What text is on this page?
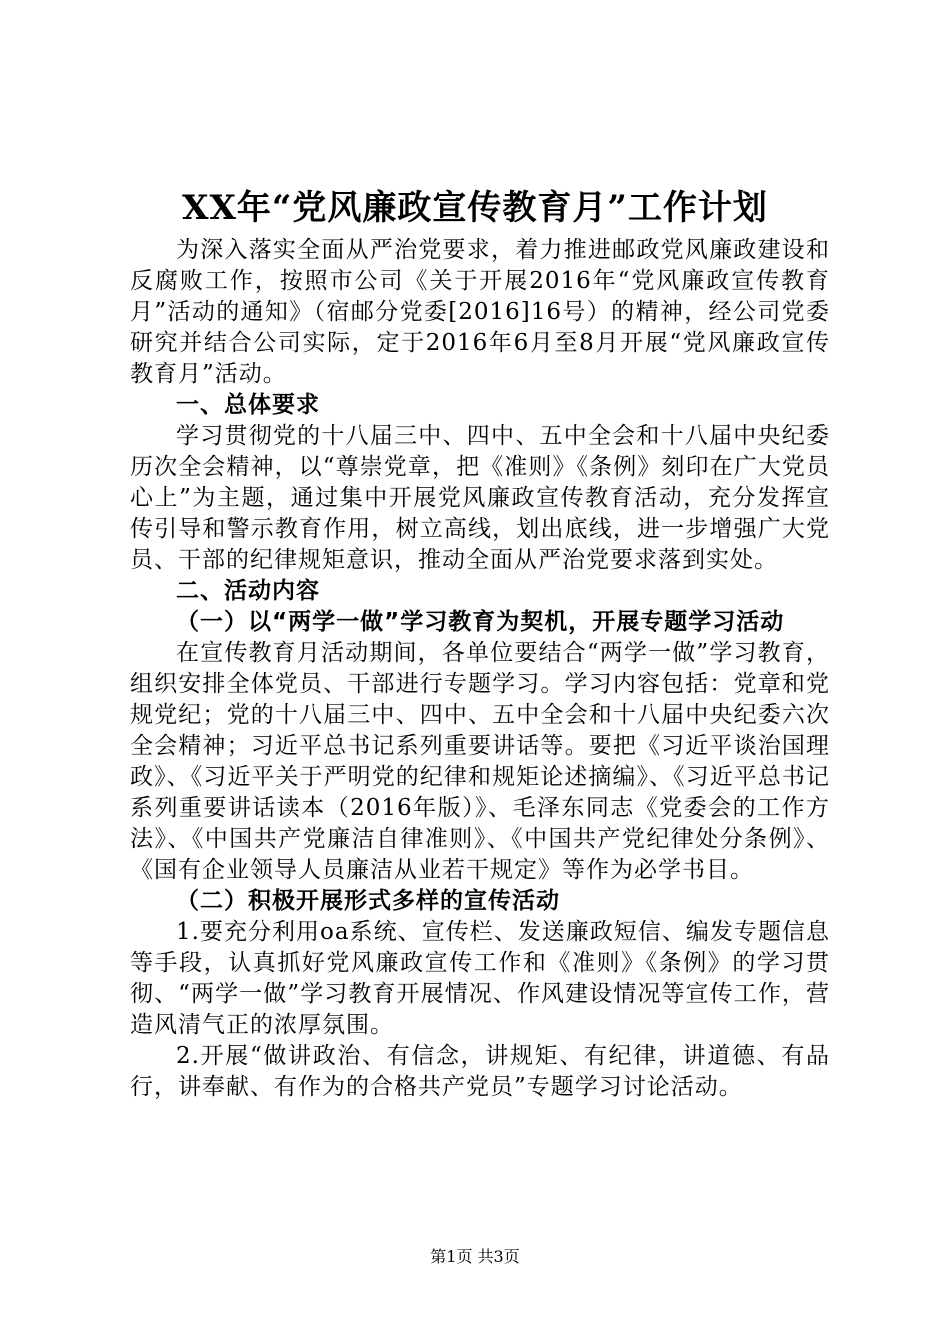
XX年“党风廉政宣传教育月”工作计划

为深入落实全面从严治党要求，着力推进邮政党风廉政建设和反腐败工作，按照市公司《关于开展2016年“党风廉政宣传教育月”活动的通知》（宿邮分党委[2016]16号）的精神，经公司党委研究并结合公司实际，定于2016年6月至8月开展“党风廉政宣传教育月”活动。

一、总体要求

学习贯彻党的十八届三中、四中、五中全会和十八届中央纪委历次全会精神，以“尊崇党章，把《准则》《条例》刻印在广大党员心上”为主题，通过集中开展党风廉政宣传教育活动，充分发挥宣传引导和警示教育作用，树立高线，划出底线，进一步增强广大党员、干部的纪律规矩意识，推动全面从严治党要求落到实处。

二、活动内容

（一）以“两学一做”学习教育为契机，开展专题学习活动

在宣传教育月活动期间，各单位要结合“两学一做”学习教育，组织安排全体党员、干部进行专题学习。学习内容包括：党章和党规党纪；党的十八届三中、四中、五中全会和十八届中央纪委六次全会精神；习近平总书记系列重要讲话等。要把《习近平谈治国理政》、《习近平关于严明党的纪律和规矩论述摘编》、《习近平总书记系列重要讲话读本（2016年版）》、毛泽东同志《党委会的工作方法》、《中国共产党廉洁自律准则》、《中国共产党纪律处分条例》、《国有企业领导人员廉洁从业若干规定》等作为必学书目。

（二）积极开展形式多样的宣传活动

1.要充分利用oa系统、宣传栏、发送廉政短信、编发专题信息等手段，认真抓好党风廉政宣传工作和《准则》《条例》的学习贯彻、“两学一做”学习教育开展情况、作风建设情况等宣传工作，营造风清气正的浓厚氛围。

2.开展“做讲政治、有信念，讲规矩、有纪律，讲道德、有品行，讲奉献、有作为的合格共产党员”专题学习讨论活动。

第1页 共3页
